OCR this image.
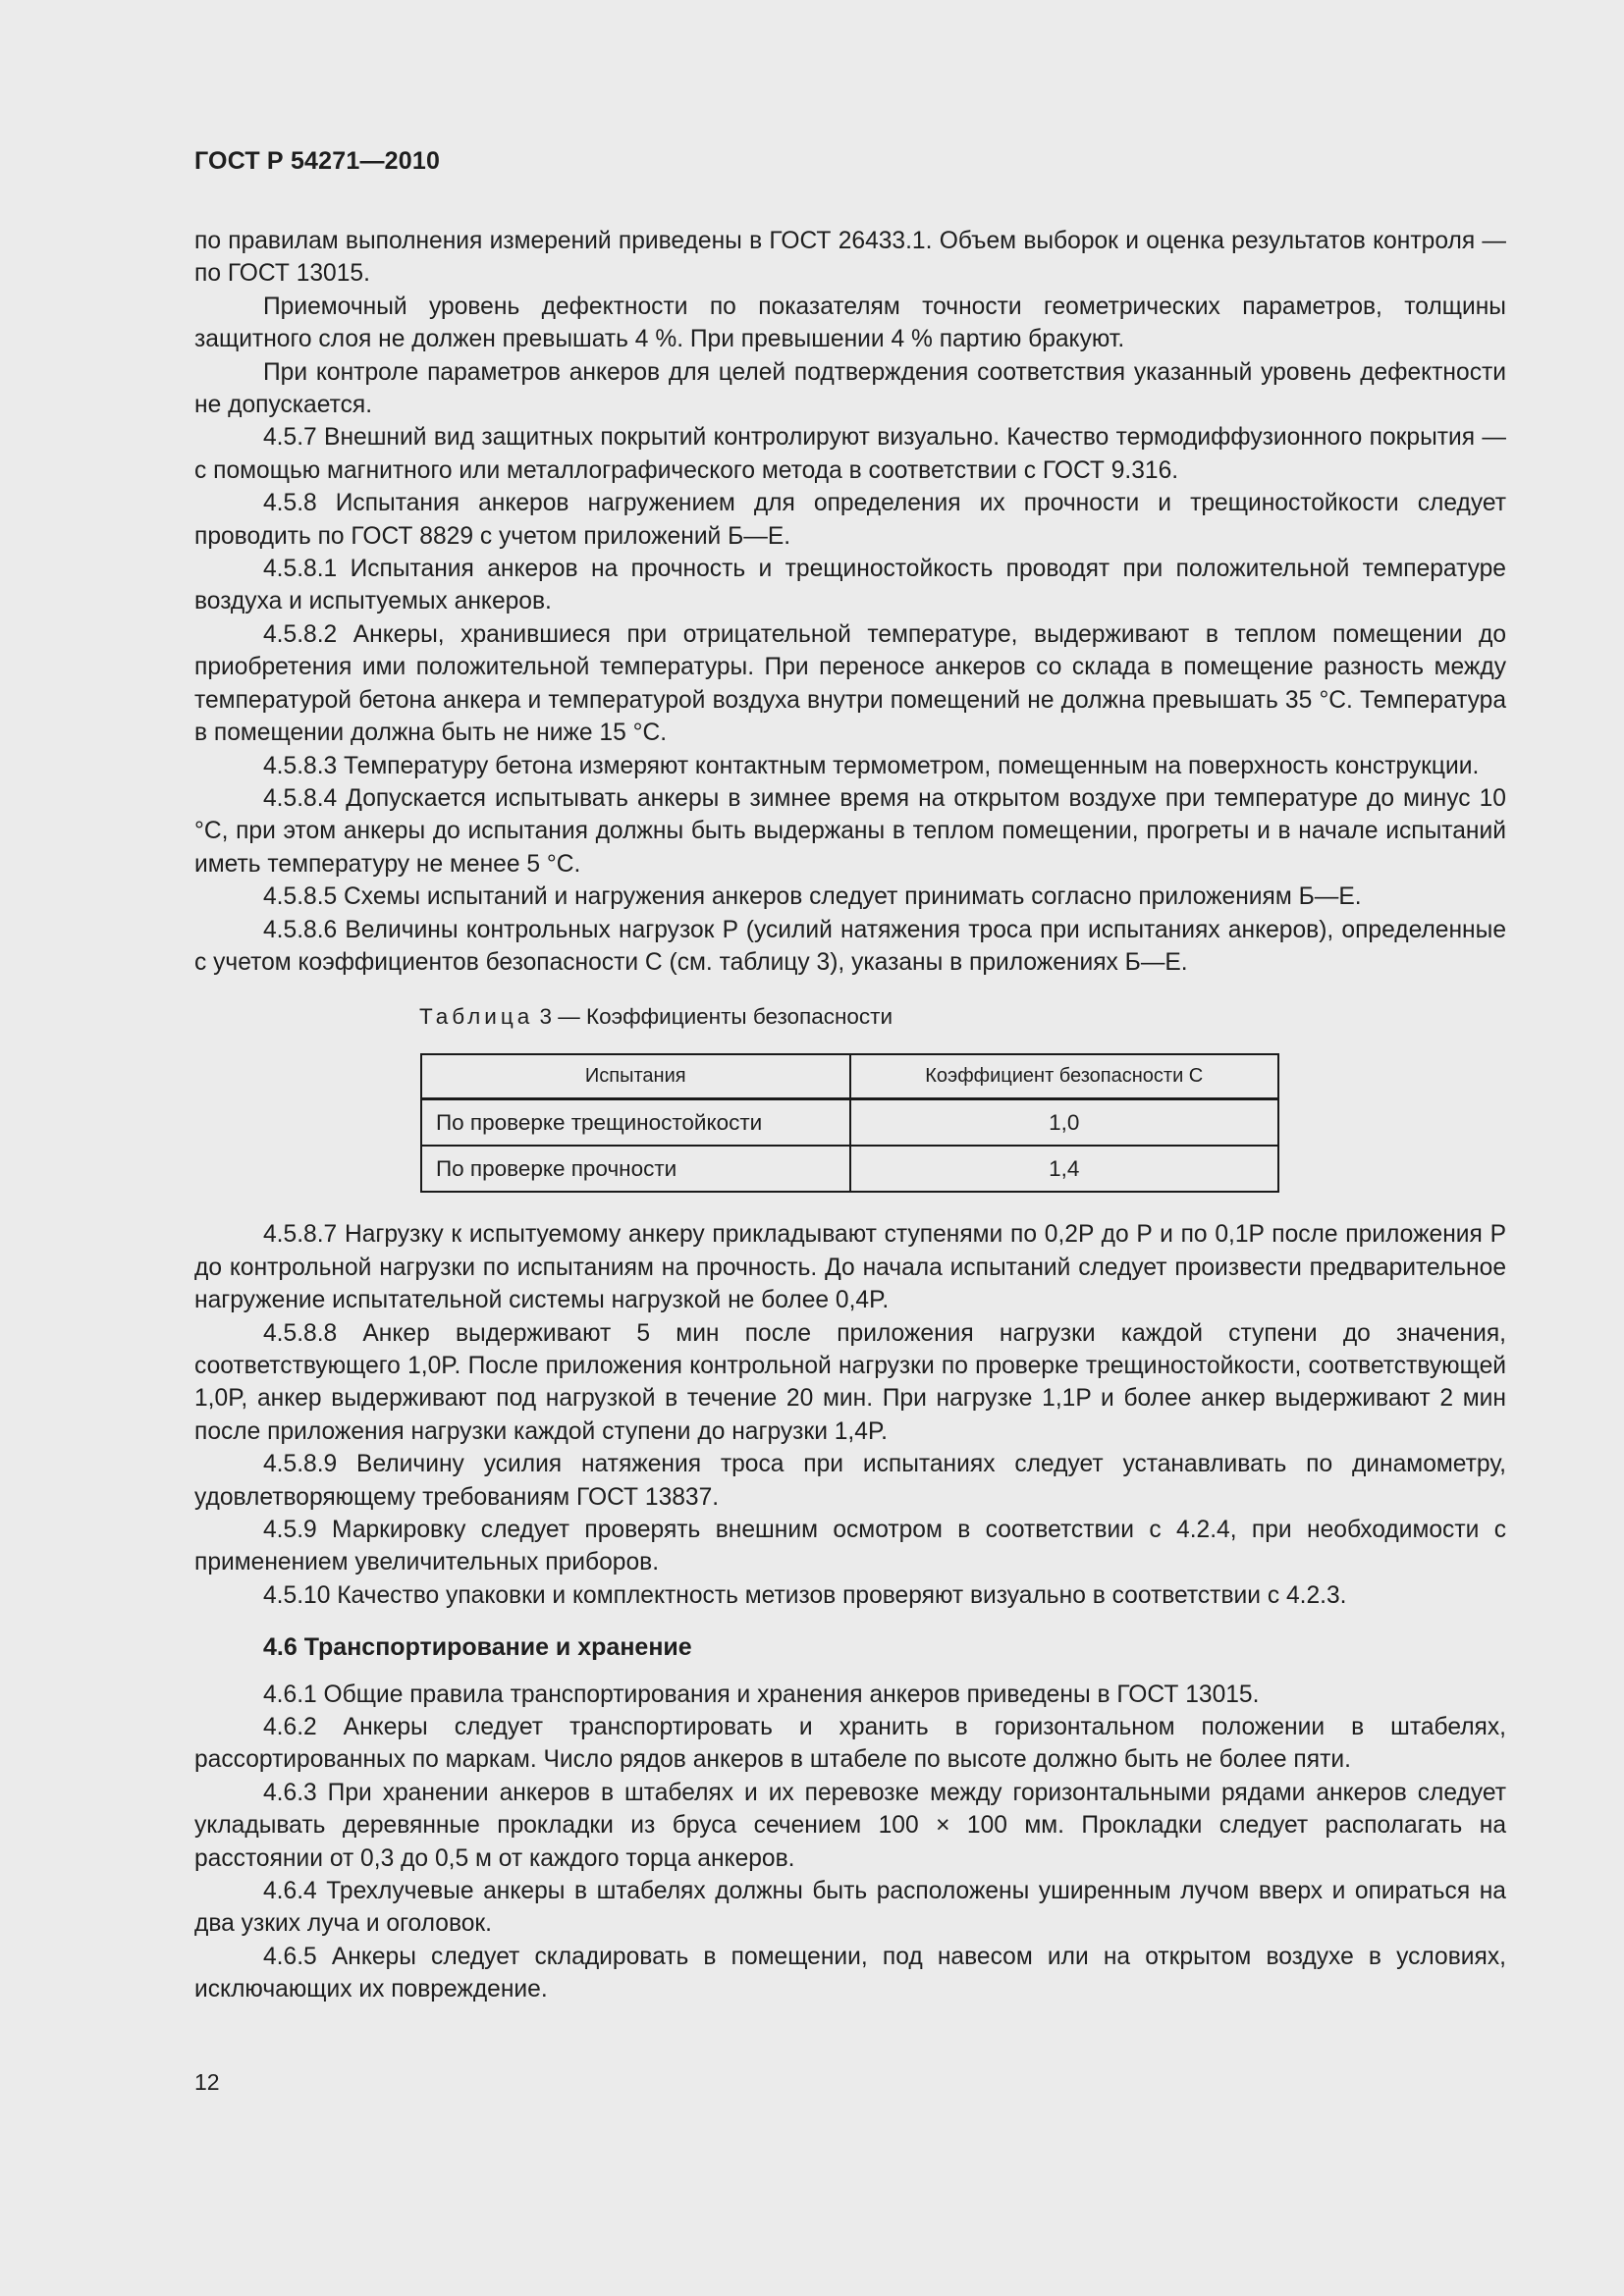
ГОСТ Р 54271—2010

по правилам выполнения измерений приведены в ГОСТ 26433.1. Объем выборок и оценка результатов контроля — по ГОСТ 13015.

Приемочный уровень дефектности по показателям точности геометрических параметров, толщины защитного слоя не должен превышать 4 %. При превышении 4 % партию бракуют.

При контроле параметров анкеров для целей подтверждения соответствия указанный уровень дефектности не допускается.

4.5.7 Внешний вид защитных покрытий контролируют визуально. Качество термодиффузионного покрытия — с помощью магнитного или металлографического метода в соответствии с ГОСТ 9.316.

4.5.8 Испытания анкеров нагружением для определения их прочности и трещиностойкости следует проводить по ГОСТ 8829 с учетом приложений Б—Е.

4.5.8.1 Испытания анкеров на прочность и трещиностойкость проводят при положительной температуре воздуха и испытуемых анкеров.

4.5.8.2 Анкеры, хранившиеся при отрицательной температуре, выдерживают в теплом помещении до приобретения ими положительной температуры. При переносе анкеров со склада в помещение разность между температурой бетона анкера и температурой воздуха внутри помещений не должна превышать 35 °С. Температура в помещении должна быть не ниже 15 °С.

4.5.8.3 Температуру бетона измеряют контактным термометром, помещенным на поверхность конструкции.

4.5.8.4 Допускается испытывать анкеры в зимнее время на открытом воздухе при температуре до минус 10 °С, при этом анкеры до испытания должны быть выдержаны в теплом помещении, прогреты и в начале испытаний иметь температуру не менее 5 °С.

4.5.8.5 Схемы испытаний и нагружения анкеров следует принимать согласно приложениям Б—Е.

4.5.8.6 Величины контрольных нагрузок P (усилий натяжения троса при испытаниях анкеров), определенные с учетом коэффициентов безопасности С (см. таблицу 3), указаны в приложениях Б—Е.

Таблица 3 — Коэффициенты безопасности
Испытания	Коэффициент безопасности С
По проверке трещиностойкости	1,0
По проверке прочности	1,4

4.5.8.7 Нагрузку к испытуемому анкеру прикладывают ступенями по 0,2P до P и по 0,1P после приложения P до контрольной нагрузки по испытаниям на прочность. До начала испытаний следует произвести предварительное нагружение испытательной системы нагрузкой не более 0,4P.

4.5.8.8 Анкер выдерживают 5 мин после приложения нагрузки каждой ступени до значения, соответствующего 1,0P. После приложения контрольной нагрузки по проверке трещиностойкости, соответствующей 1,0P, анкер выдерживают под нагрузкой в течение 20 мин. При нагрузке 1,1P и более анкер выдерживают 2 мин после приложения нагрузки каждой ступени до нагрузки 1,4P.

4.5.8.9 Величину усилия натяжения троса при испытаниях следует устанавливать по динамометру, удовлетворяющему требованиям ГОСТ 13837.

4.5.9 Маркировку следует проверять внешним осмотром в соответствии с 4.2.4, при необходимости с применением увеличительных приборов.

4.5.10 Качество упаковки и комплектность метизов проверяют визуально в соответствии с 4.2.3.

4.6 Транспортирование и хранение

4.6.1 Общие правила транспортирования и хранения анкеров приведены в ГОСТ 13015.

4.6.2 Анкеры следует транспортировать и хранить в горизонтальном положении в штабелях, рассортированных по маркам. Число рядов анкеров в штабеле по высоте должно быть не более пяти.

4.6.3 При хранении анкеров в штабелях и их перевозке между горизонтальными рядами анкеров следует укладывать деревянные прокладки из бруса сечением 100 × 100 мм. Прокладки следует располагать на расстоянии от 0,3 до 0,5 м от каждого торца анкеров.

4.6.4 Трехлучевые анкеры в штабелях должны быть расположены уширенным лучом вверх и опираться на два узких луча и оголовок.

4.6.5 Анкеры следует складировать в помещении, под навесом или на открытом воздухе в условиях, исключающих их повреждение.

12
